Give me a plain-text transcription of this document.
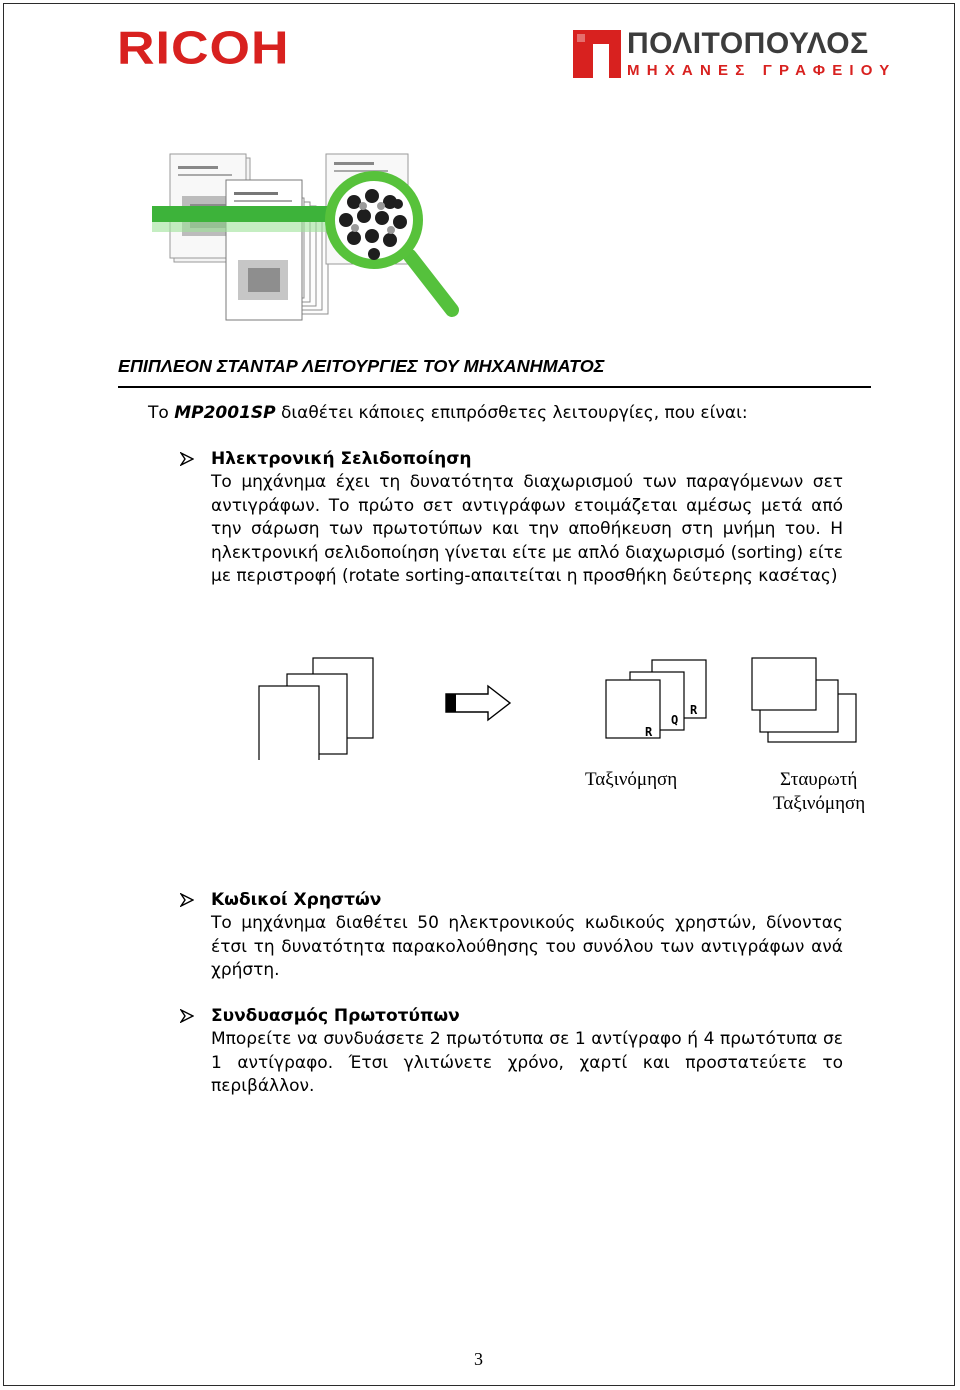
RICOH	ΠΟΛΙΤΟΠΟΥΛΟΣ
ΜΗΧΑΝΕΣ ΓΡΑΦΕΙΟΥ
ΕΠΙΠΛΕΟΝ ΣΤΑΝΤΑΡ ΛΕΙΤΟΥΡΓΙΕΣ ΤΟΥ ΜΗΧΑΝΗΜΑΤΟΣ
Το MP2001SP διαθέτει κάποιες επιπρόσθετες λειτουργίες, που είναι:
Ηλεκτρονική Σελιδοποίηση
Το μηχάνημα έχει τη δυνατότητα διαχωρισμού των παραγόμενων σετ αντιγράφων. Το πρώτο σετ αντιγράφων ετοιμάζεται αμέσως μετά από την σάρωση των πρωτοτύπων και την αποθήκευση στη μνήμη του. Η ηλεκτρονική σελιδοποίηση γίνεται είτε με απλό διαχωρισμό (sorting) είτε με περιστροφή (rotate sorting-απαιτείται η προσθήκη δεύτερης κασέτας)
R
Q
R
Ταξινόμηση	Σταυρωτή
Ταξινόμηση
Κωδικοί Χρηστών
Το μηχάνημα διαθέτει 50 ηλεκτρονικούς κωδικούς χρηστών, δίνοντας έτσι τη δυνατότητα παρακολούθησης του συνόλου των αντιγράφων ανά χρήστη.
Συνδυασμός Πρωτοτύπων
Μπορείτε να συνδυάσετε 2 πρωτότυπα σε 1 αντίγραφο ή 4 πρωτότυπα σε 1 αντίγραφο. Έτσι γλιτώνετε χρόνο, χαρτί και προστατεύετε το περιβάλλον.
3
